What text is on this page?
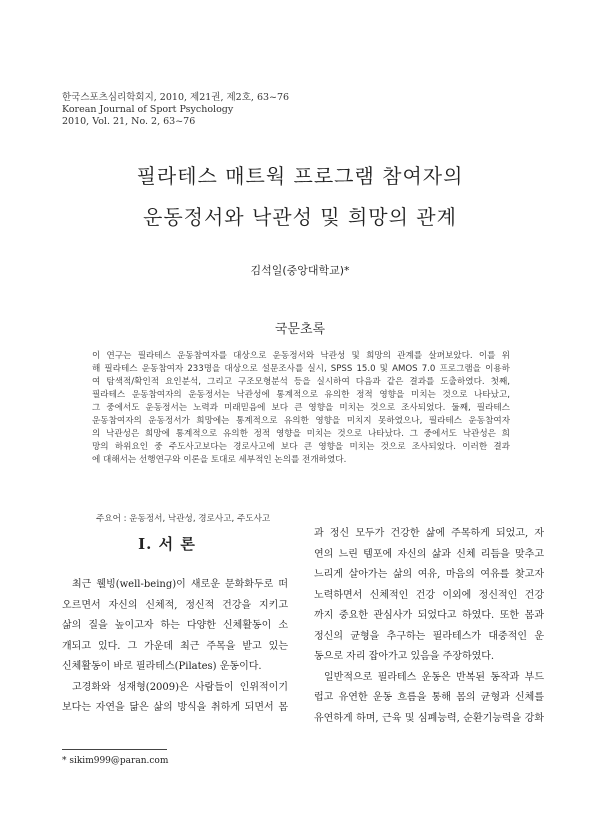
한국스포츠심리학회지, 2010, 제21권, 제2호, 63~76
Korean Journal of Sport Psychology
2010, Vol. 21, No. 2, 63~76
필라테스 매트웍 프로그램 참여자의
운동정서와 낙관성 및 희망의 관계
김석일(중앙대학교)*
국문초록
이 연구는 필라테스 운동참여자를 대상으로 운동정서와 낙관성 및 희망의 관계를 살펴보았다. 이를 위
해 필라테스 운동참여자 233명을 대상으로 설문조사를 실시, SPSS 15.0 및 AMOS 7.0 프로그램을 이용하
여 탐색적/확인적 요인분석, 그리고 구조모형분석 등을 실시하여 다음과 같은 결과를 도출하였다. 첫째,
필라테스 운동참여자의 운동정서는 낙관성에 통계적으로 유의한 정적 영향을 미치는 것으로 나타났고,
그 중에서도 운동정서는 노력과 미래믿음에 보다 큰 영향을 미치는 것으로 조사되었다. 둘째, 필라테스
운동참여자의 운동정서가 희망에는 통계적으로 유의한 영향을 미치지 못하였으나, 필라테스 운동참여자
의 낙관성은 희망에 통계적으로 유의한 정적 영향을 미치는 것으로 나타났다. 그 중에서도 낙관성은 희
망의 하위요인 중 주도사고보다는 경로사고에 보다 큰 영향을 미치는 것으로 조사되었다. 이러한 결과
에 대해서는 선행연구와 이론을 토대로 세부적인 논의를 전개하였다.
주요어 : 운동정서, 낙관성, 경로사고, 주도사고
I. 서 론
최근 웰빙(well-being)이 새로운 문화화두로 떠
오르면서 자신의 신체적, 정신적 건강을 지키고
삶의 질을 높이고자 하는 다양한 신체활동이 소
개되고 있다. 그 가운데 최근 주목을 받고 있는
신체활동이 바로 필라테스(Pilates) 운동이다.
고경화와 성재형(2009)은 사람들이 인위적이기
보다는 자연을 닮은 삶의 방식을 취하게 되면서 몸
과 정신 모두가 건강한 삶에 주목하게 되었고, 자
연의 느린 템포에 자신의 삶과 신체 리듬을 맞추고
느리게 살아가는 삶의 여유, 마음의 여유를 찾고자
노력하면서 신체적인 건강 이외에 정신적인 건강
까지 중요한 관심사가 되었다고 하였다. 또한 몸과
정신의 균형을 추구하는 필라테스가 대중적인 운
동으로 자리 잡아가고 있음을 주장하였다.
일반적으로 필라테스 운동은 반복된 동작과 부드
럽고 유연한 운동 흐름을 통해 몸의 균형과 신체를
유연하게 하며, 근육 및 심폐능력, 순환기능력을 강화
* sikim999@paran.com
